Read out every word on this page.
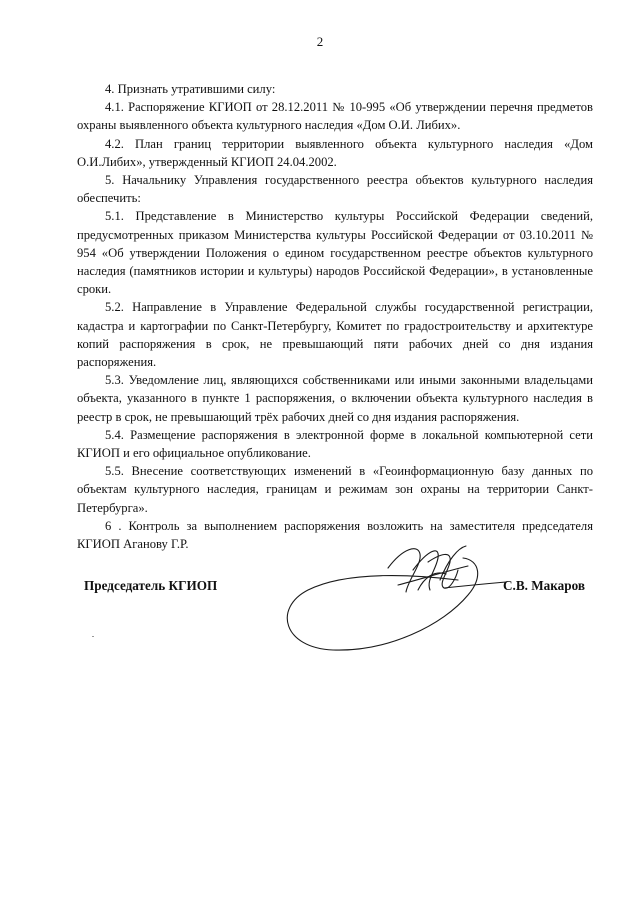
2

4. Признать утратившими силу:

4.1. Распоряжение КГИОП от 28.12.2011 № 10-995 «Об утверждении перечня предметов охраны выявленного объекта культурного наследия «Дом О.И. Либих».

4.2. План границ территории выявленного объекта культурного наследия «Дом О.И.Либих», утвержденный КГИОП 24.04.2002.

5. Начальнику Управления государственного реестра объектов культурного наследия обеспечить:

5.1. Представление в Министерство культуры Российской Федерации сведений, предусмотренных приказом Министерства культуры Российской Федерации от 03.10.2011 № 954 «Об утверждении Положения о едином государственном реестре объектов культурного наследия (памятников истории и культуры) народов Российской Федерации», в установленные сроки.

5.2. Направление в Управление Федеральной службы государственной регистрации, кадастра и картографии по Санкт-Петербургу, Комитет по градостроительству и архитектуре копий распоряжения в срок, не превышающий пяти рабочих дней со дня издания распоряжения.

5.3. Уведомление лиц, являющихся собственниками или иными законными владельцами объекта, указанного в пункте 1 распоряжения, о включении объекта культурного наследия в реестр в срок, не превышающий трёх рабочих дней со дня издания распоряжения.

5.4. Размещение распоряжения в электронной форме в локальной компьютерной сети КГИОП и его официальное опубликование.

5.5. Внесение соответствующих изменений в «Геоинформационную базу данных по объектам культурного наследия, границам и режимам зон охраны на территории Санкт-Петербурга».

6 . Контроль за выполнением распоряжения возложить на заместителя председателя КГИОП Аганову Г.Р.

Председатель КГИОП	С.В. Макаров
